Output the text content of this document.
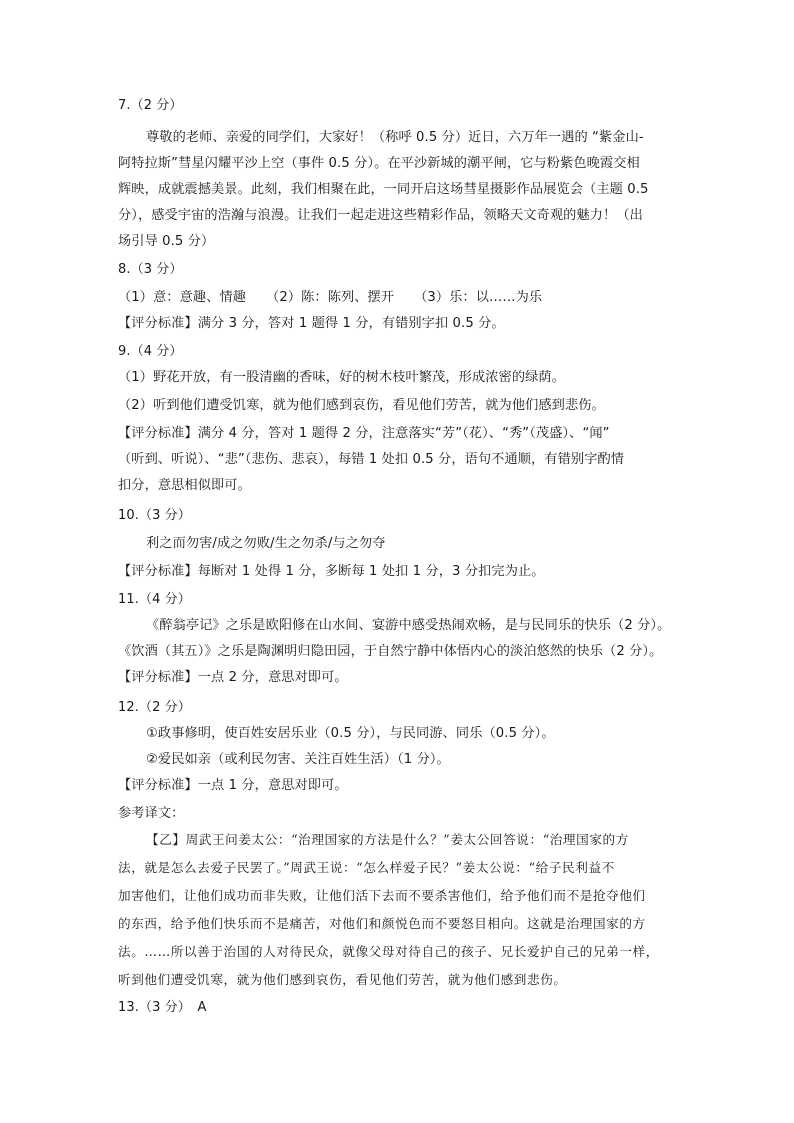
7.（2 分）
尊敬的老师、亲爱的同学们，大家好！（称呼 0.5 分）近日，六万年一遇的 “紫金山-
阿特拉斯”彗星闪耀平沙上空（事件 0.5 分）。在平沙新城的潮平闸，它与粉紫色晚霞交相
辉映，成就震撼美景。此刻，我们相聚在此，一同开启这场彗星摄影作品展览会（主题 0.5
分），感受宇宙的浩瀚与浪漫。让我们一起走进这些精彩作品，领略天文奇观的魅力！（出
场引导 0.5 分）
8.（3 分）
（1）意：意趣、情趣　　（2）陈：陈列、摆开　　（3）乐：以……为乐
【评分标准】满分 3 分，答对 1 题得 1 分，有错别字扣 0.5 分。
9.（4 分）
（1）野花开放，有一股清幽的香味，好的树木枝叶繁茂，形成浓密的绿荫。
（2）听到他们遭受饥寒，就为他们感到哀伤，看见他们劳苦，就为他们感到悲伤。
【评分标准】满分 4 分，答对 1 题得 2 分，注意落实“芳”（花）、“秀”（茂盛）、“闻”
（听到、听说）、“悲”（悲伤、悲哀），每错 1 处扣 0.5 分，语句不通顺，有错别字酌情
扣分，意思相似即可。
10.（3 分）
利之而勿害/成之勿败/生之勿杀/与之勿夺
【评分标准】每断对 1 处得 1 分，多断每 1 处扣 1 分，3 分扣完为止。
11.（4 分）
《醉翁亭记》之乐是欧阳修在山水间、宴游中感受热闹欢畅，是与民同乐的快乐（2 分）。
《饮酒（其五）》之乐是陶渊明归隐田园，于自然宁静中体悟内心的淡泊悠然的快乐（2 分）。
【评分标准】一点 2 分，意思对即可。
12.（2 分）
①政事修明，使百姓安居乐业（0.5 分），与民同游、同乐（0.5 分）。
②爱民如亲（或利民勿害、关注百姓生活）（1 分）。
【评分标准】一点 1 分，意思对即可。
参考译文：
【乙】周武王问姜太公：“治理国家的方法是什么？”姜太公回答说：“治理国家的方
法，就是怎么去爱子民罢了。”周武王说：“怎么样爱子民？”姜太公说：“给子民利益不
加害他们，让他们成功而非失败，让他们活下去而不要杀害他们，给予他们而不是抢夺他们
的东西，给予他们快乐而不是痛苦，对他们和颜悦色而不要怒目相向。这就是治理国家的方
法。……所以善于治国的人对待民众，就像父母对待自己的孩子、兄长爱护自己的兄弟一样，
听到他们遭受饥寒，就为他们感到哀伤，看见他们劳苦，就为他们感到悲伤。
13.（3 分）　A
